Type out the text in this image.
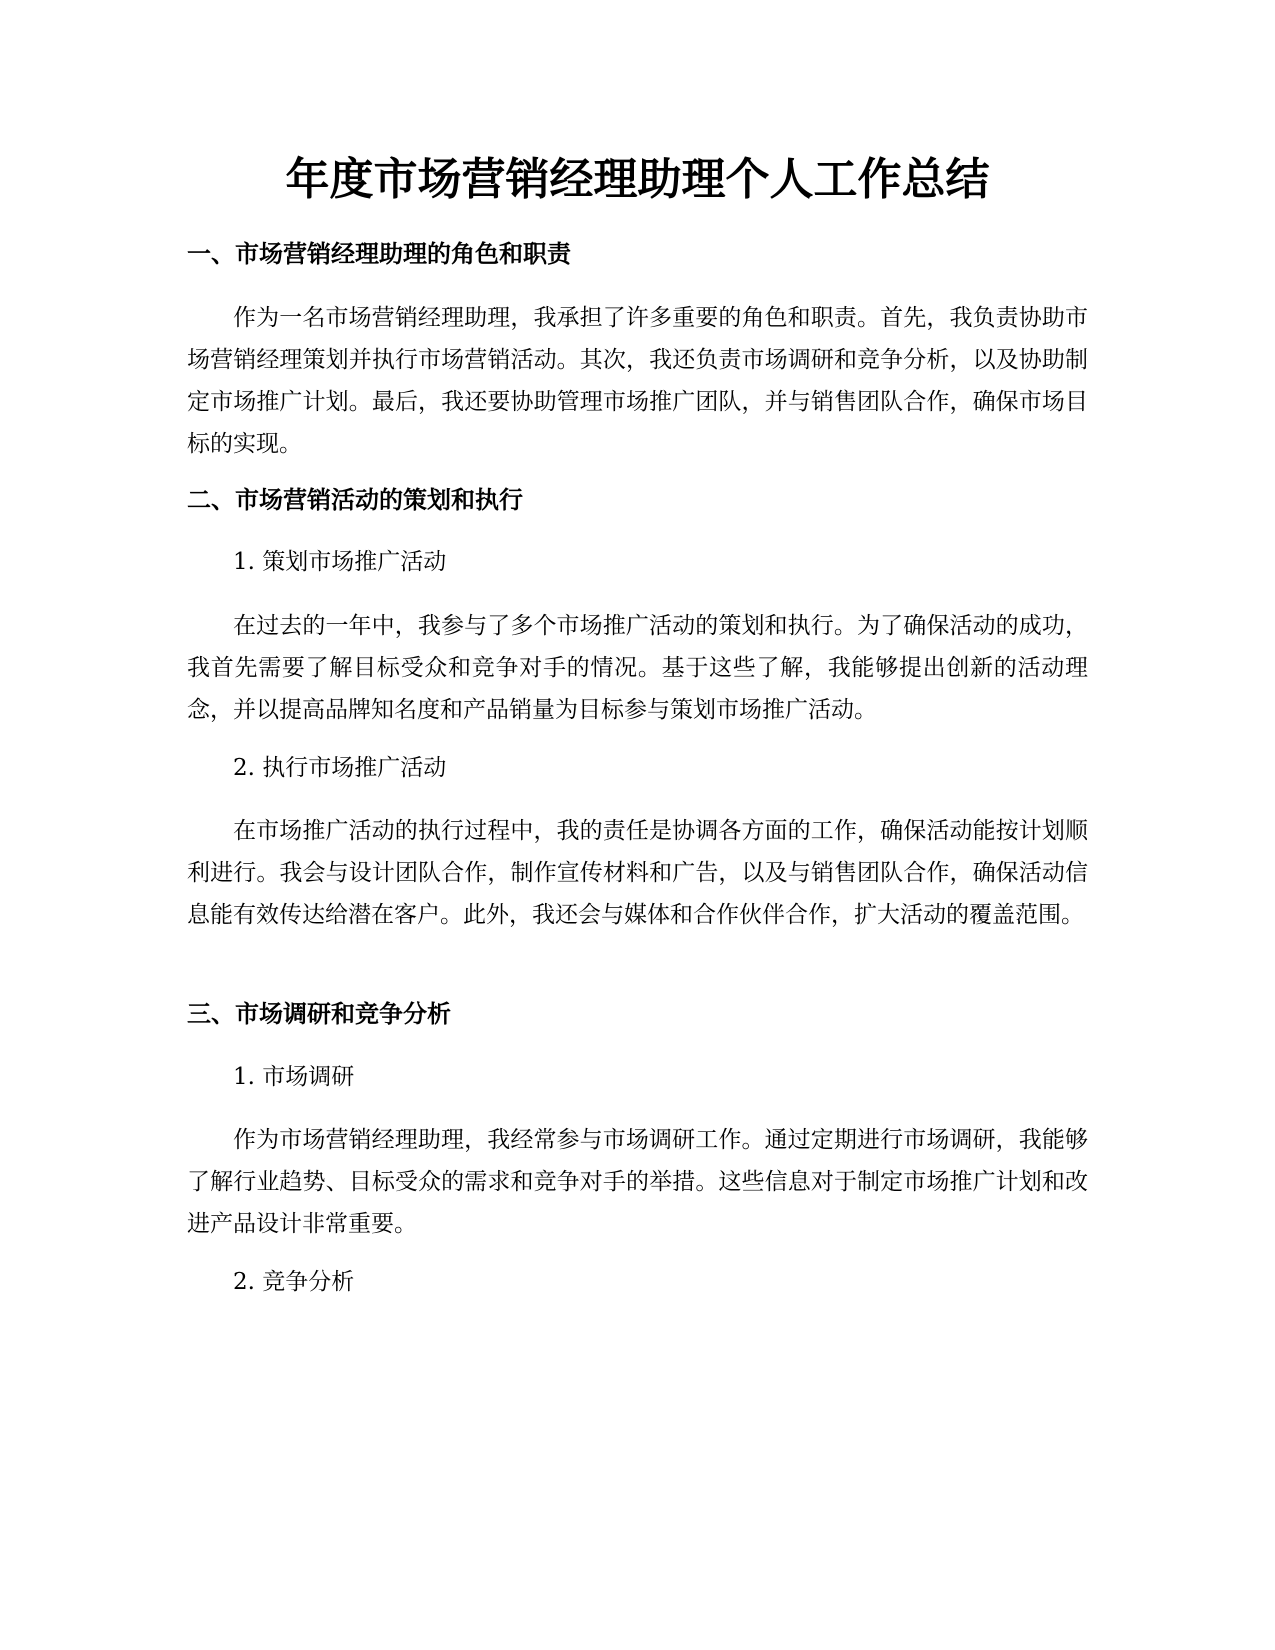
年度市场营销经理助理个人工作总结
一、市场营销经理助理的角色和职责

作为一名市场营销经理助理，我承担了许多重要的角色和职责。首先，我负责协助市场营销经理策划并执行市场营销活动。其次，我还负责市场调研和竞争分析，以及协助制定市场推广计划。最后，我还要协助管理市场推广团队，并与销售团队合作，确保市场目标的实现。

二、市场营销活动的策划和执行

1. 策划市场推广活动

在过去的一年中，我参与了多个市场推广活动的策划和执行。为了确保活动的成功，我首先需要了解目标受众和竞争对手的情况。基于这些了解，我能够提出创新的活动理念，并以提高品牌知名度和产品销量为目标参与策划市场推广活动。

2. 执行市场推广活动

在市场推广活动的执行过程中，我的责任是协调各方面的工作，确保活动能按计划顺利进行。我会与设计团队合作，制作宣传材料和广告，以及与销售团队合作，确保活动信息能有效传达给潜在客户。此外，我还会与媒体和合作伙伴合作，扩大活动的覆盖范围。

三、市场调研和竞争分析

1. 市场调研

作为市场营销经理助理，我经常参与市场调研工作。通过定期进行市场调研，我能够了解行业趋势、目标受众的需求和竞争对手的举措。这些信息对于制定市场推广计划和改进产品设计非常重要。

2. 竞争分析
